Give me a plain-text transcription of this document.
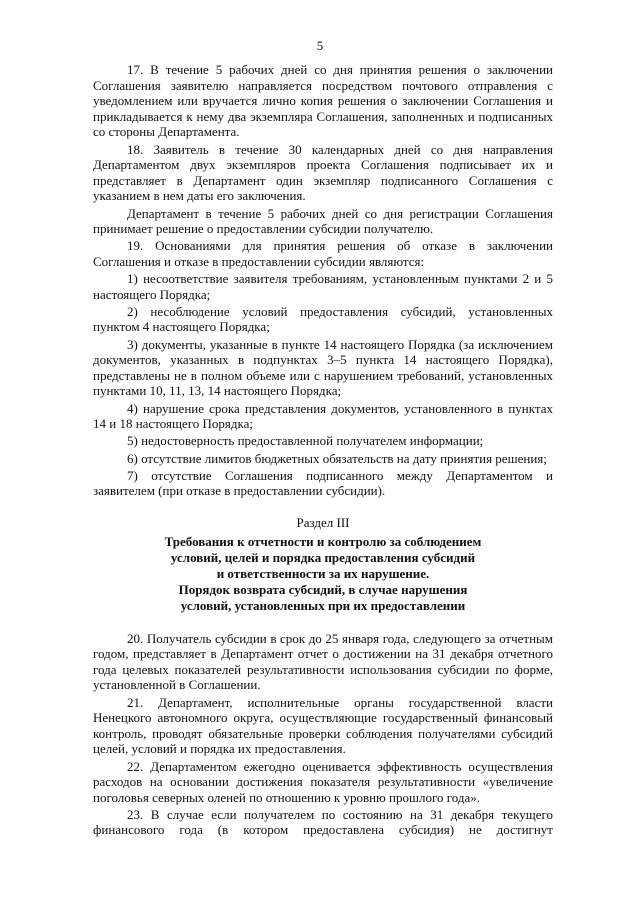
5

17. В течение 5 рабочих дней со дня принятия решения о заключении Соглашения заявителю направляется посредством почтового отправления с уведомлением или вручается лично копия решения о заключении Соглашения и прикладывается к нему два экземпляра Соглашения, заполненных и подписанных со стороны Департамента.

18. Заявитель в течение 30 календарных дней со дня направления Департаментом двух экземпляров проекта Соглашения подписывает их и представляет в Департамент один экземпляр подписанного Соглашения с указанием в нем даты его заключения.

Департамент в течение 5 рабочих дней со дня регистрации Соглашения принимает решение о предоставлении субсидии получателю.

19. Основаниями для принятия решения об отказе в заключении Соглашения и отказе в предоставлении субсидии являются:

1) несоответствие заявителя требованиям, установленным пунктами 2 и 5 настоящего Порядка;

2) несоблюдение условий предоставления субсидий, установленных пунктом 4 настоящего Порядка;

3) документы, указанные в пункте 14 настоящего Порядка (за исключением документов, указанных в подпунктах 3–5 пункта 14 настоящего Порядка), представлены не в полном объеме или с нарушением требований, установленных пунктами 10, 11, 13, 14 настоящего Порядка;

4) нарушение срока представления документов, установленного в пунктах 14 и 18 настоящего Порядка;

5) недостоверность предоставленной получателем информации;

6) отсутствие лимитов бюджетных обязательств на дату принятия решения;

7) отсутствие Соглашения подписанного между Департаментом и заявителем (при отказе в предоставлении субсидии).

Раздел III
Требования к отчетности и контролю за соблюдением
условий, целей и порядка предоставления субсидий
и ответственности за их нарушение.
Порядок возврата субсидий, в случае нарушения
условий, установленных при их предоставлении

20. Получатель субсидии в срок до 25 января года, следующего за отчетным годом, представляет в Департамент отчет о достижении на 31 декабря отчетного года целевых показателей результативности использования субсидии по форме, установленной в Соглашении.

21. Департамент, исполнительные органы государственной власти Ненецкого автономного округа, осуществляющие государственный финансовый контроль, проводят обязательные проверки соблюдения получателями субсидий целей, условий и порядка их предоставления.

22. Департаментом ежегодно оценивается эффективность осуществления расходов на основании достижения показателя результативности «увеличение поголовья северных оленей по отношению к уровню прошлого года».

23. В случае если получателем по состоянию на 31 декабря текущего финансового года (в котором предоставлена субсидия) не достигнут
